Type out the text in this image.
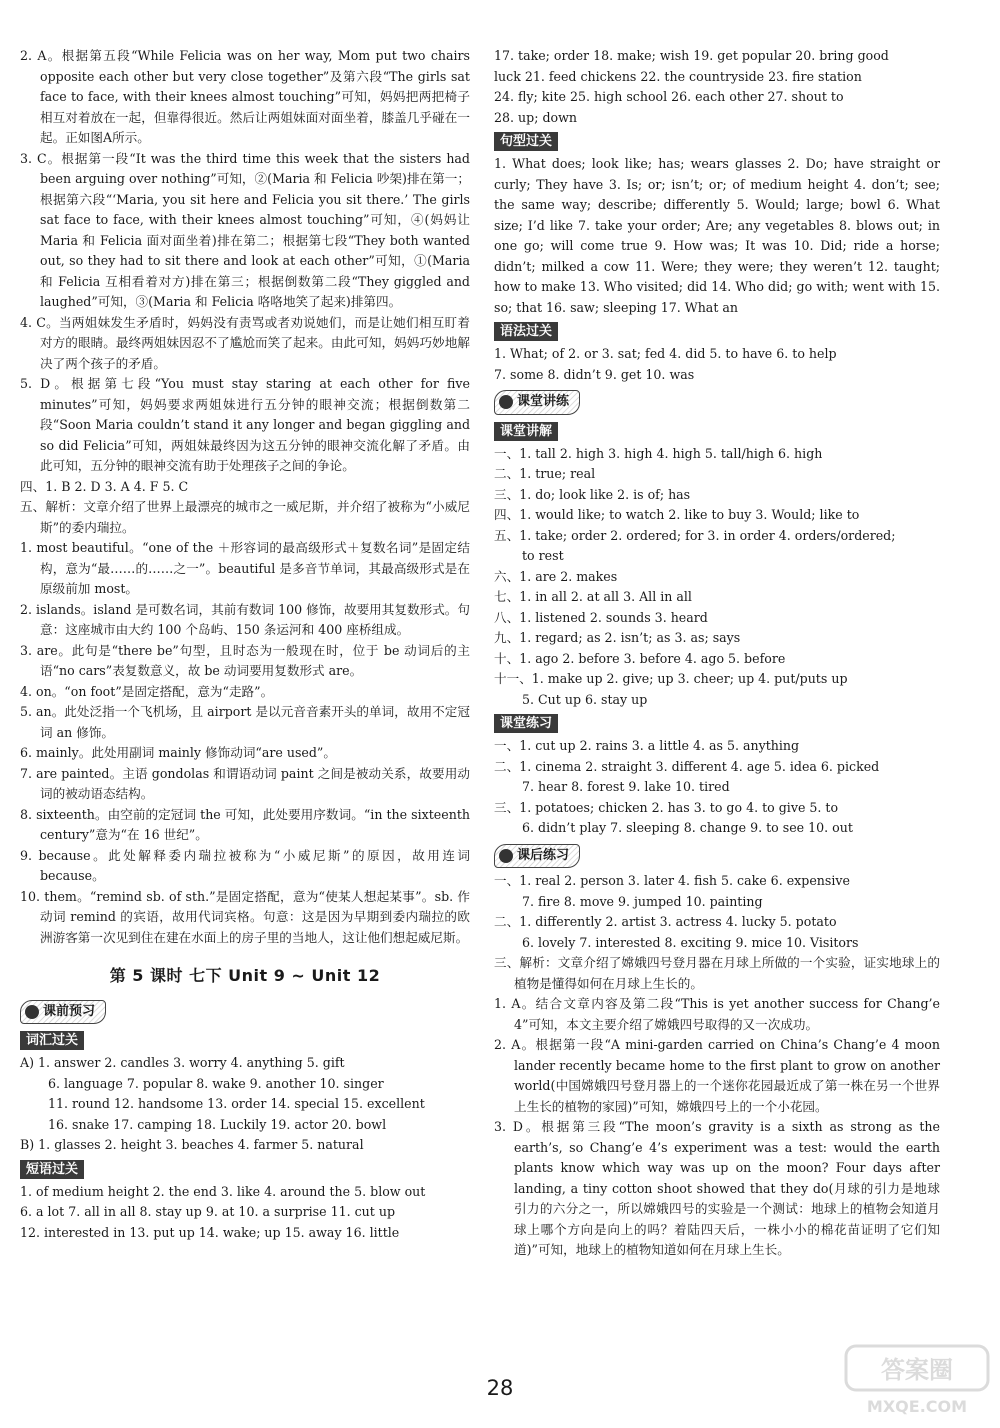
2. A。根据第五段“While Felicia was on her way, Mom put two chairs opposite each other but very close together”及第六段“The girls sat face to face, with their knees almost touching”可知，妈妈把两把椅子相互对着放在一起，但靠得很近。然后让两姐妹面对面坐着，膝盖几乎碰在一起。正如图A所示。

3. C。根据第一段“It was the third time this week that the sisters had been arguing over nothing”可知，②(Maria 和 Felicia 吵架)排在第一；根据第六段“‘Maria, you sit here and Felicia you sit there.’ The girls sat face to face, with their knees almost touching”可知，④(妈妈让 Maria 和 Felicia 面对面坐着)排在第二；根据第七段“They both wanted out, so they had to sit there and look at each other”可知，①(Maria 和 Felicia 互相看着对方)排在第三；根据倒数第二段“They giggled and laughed”可知，③(Maria 和 Felicia 咯咯地笑了起来)排第四。

4. C。当两姐妹发生矛盾时，妈妈没有责骂或者劝说她们，而是让她们相互盯着对方的眼睛。最终两姐妹因忍不了尴尬而笑了起来。由此可知，妈妈巧妙地解决了两个孩子的矛盾。

5. D。根据第七段“You must stay staring at each other for five minutes”可知，妈妈要求两姐妹进行五分钟的眼神交流；根据倒数第二段“Soon Maria couldn’t stand it any longer and began giggling and so did Felicia”可知，两姐妹最终因为这五分钟的眼神交流化解了矛盾。由此可知，五分钟的眼神交流有助于处理孩子之间的争论。

四、1. B 2. D 3. A 4. F 5. C

五、解析：文章介绍了世界上最漂亮的城市之一威尼斯，并介绍了被称为“小威尼斯”的委内瑞拉。

1. most beautiful。“one of the ＋形容词的最高级形式＋复数名词”是固定结构，意为“最……的……之一”。beautiful 是多音节单词，其最高级形式是在原级前加 most。

2. islands。island 是可数名词，其前有数词 100 修饰，故要用其复数形式。句意：这座城市由大约 100 个岛屿、150 条运河和 400 座桥组成。

3. are。此句是“there be”句型，且时态为一般现在时，位于 be 动词后的主语“no cars”表复数意义，故 be 动词要用复数形式 are。

4. on。“on foot”是固定搭配，意为“走路”。

5. an。此处泛指一个飞机场，且 airport 是以元音音素开头的单词，故用不定冠词 an 修饰。

6. mainly。此处用副词 mainly 修饰动词“are used”。

7. are painted。主语 gondolas 和谓语动词 paint 之间是被动关系，故要用动词的被动语态结构。

8. sixteenth。由空前的定冠词 the 可知，此处要用序数词。“in the sixteenth century”意为“在 16 世纪”。

9. because。此处解释委内瑞拉被称为“小威尼斯”的原因，故用连词 because。

10. them。“remind sb. of sth.”是固定搭配，意为“使某人想起某事”。sb. 作动词 remind 的宾语，故用代词宾格。句意：这是因为早期到委内瑞拉的欧洲游客第一次见到住在建在水面上的房子里的当地人，这让他们想起威尼斯。

第 5 课时 七下 Unit 9 ~ Unit 12
课前预习
词汇过关

A) 1. answer 2. candles 3. worry 4. anything 5. gift

6. language 7. popular 8. wake 9. another 10. singer

11. round 12. handsome 13. order 14. special 15. excellent

16. snake 17. camping 18. Luckily 19. actor 20. bowl

B) 1. glasses 2. height 3. beaches 4. farmer 5. natural

短语过关

1. of medium height 2. the end 3. like 4. around the 5. blow out

6. a lot 7. all in all 8. stay up 9. at 10. a surprise 11. cut up

12. interested in 13. put up 14. wake; up 15. away 16. little

17. take; order 18. make; wish 19. get popular 20. bring good

luck 21. feed chickens 22. the countryside 23. fire station

24. fly; kite 25. high school 26. each other 27. shout to

28. up; down

句型过关

1. What does; look like; has; wears glasses 2. Do; have straight or curly; They have 3. Is; or; isn’t; or; of medium height 4. don’t; see; the same way; describe; differently 5. Would; large; bowl 6. What size; I’d like 7. take your order; Are; any vegetables 8. blows out; in one go; will come true 9. How was; It was 10. Did; ride a horse; didn’t; milked a cow 11. Were; they were; they weren’t 12. taught; how to make 13. Who visited; did 14. Who did; go with; went with 15. so; that 16. saw; sleeping 17. What an

语法过关

1. What; of 2. or 3. sat; fed 4. did 5. to have 6. to help

7. some 8. didn’t 9. get 10. was

课堂讲练
课堂讲解

一、1. tall 2. high 3. high 4. high 5. tall/high 6. high

二、1. true; real

三、1. do; look like 2. is of; has

四、1. would like; to watch 2. like to buy 3. Would; like to

五、1. take; order 2. ordered; for 3. in order 4. orders/ordered;

to rest

六、1. are 2. makes

七、1. in all 2. at all 3. All in all

八、1. listened 2. sounds 3. heard

九、1. regard; as 2. isn’t; as 3. as; says

十、1. ago 2. before 3. before 4. ago 5. before

十一、1. make up 2. give; up 3. cheer; up 4. put/puts up

5. Cut up 6. stay up

课堂练习

一、1. cut up 2. rains 3. a little 4. as 5. anything

二、1. cinema 2. straight 3. different 4. age 5. idea 6. picked

7. hear 8. forest 9. lake 10. tired

三、1. potatoes; chicken 2. has 3. to go 4. to give 5. to

6. didn’t play 7. sleeping 8. change 9. to see 10. out

课后练习

一、1. real 2. person 3. later 4. fish 5. cake 6. expensive

7. fire 8. move 9. jumped 10. painting

二、1. differently 2. artist 3. actress 4. lucky 5. potato

6. lovely 7. interested 8. exciting 9. mice 10. Visitors

三、解析：文章介绍了嫦娥四号登月器在月球上所做的一个实验，证实地球上的植物是懂得如何在月球上生长的。

1. A。结合文章内容及第二段“This is yet another success for Chang’e 4”可知，本文主要介绍了嫦娥四号取得的又一次成功。

2. A。根据第一段“A mini-garden carried on China’s Chang’e 4 moon lander recently became home to the first plant to grow on another world(中国嫦娥四号登月器上的一个迷你花园最近成了第一株在另一个世界上生长的植物的家园)”可知，嫦娥四号上的一个小花园。

3. D。根据第三段“The moon’s gravity is a sixth as strong as the earth’s, so Chang’e 4’s experiment was a test: would the earth plants know which way was up on the moon? Four days after landing, a tiny cotton shoot showed that they do(月球的引力是地球引力的六分之一，所以嫦娥四号的实验是一个测试：地球上的植物会知道月球上哪个方向是向上的吗？着陆四天后，一株小小的棉花苗证明了它们知道)”可知，地球上的植物知道如何在月球上生长。

28
答案圈
MXQE.COM
